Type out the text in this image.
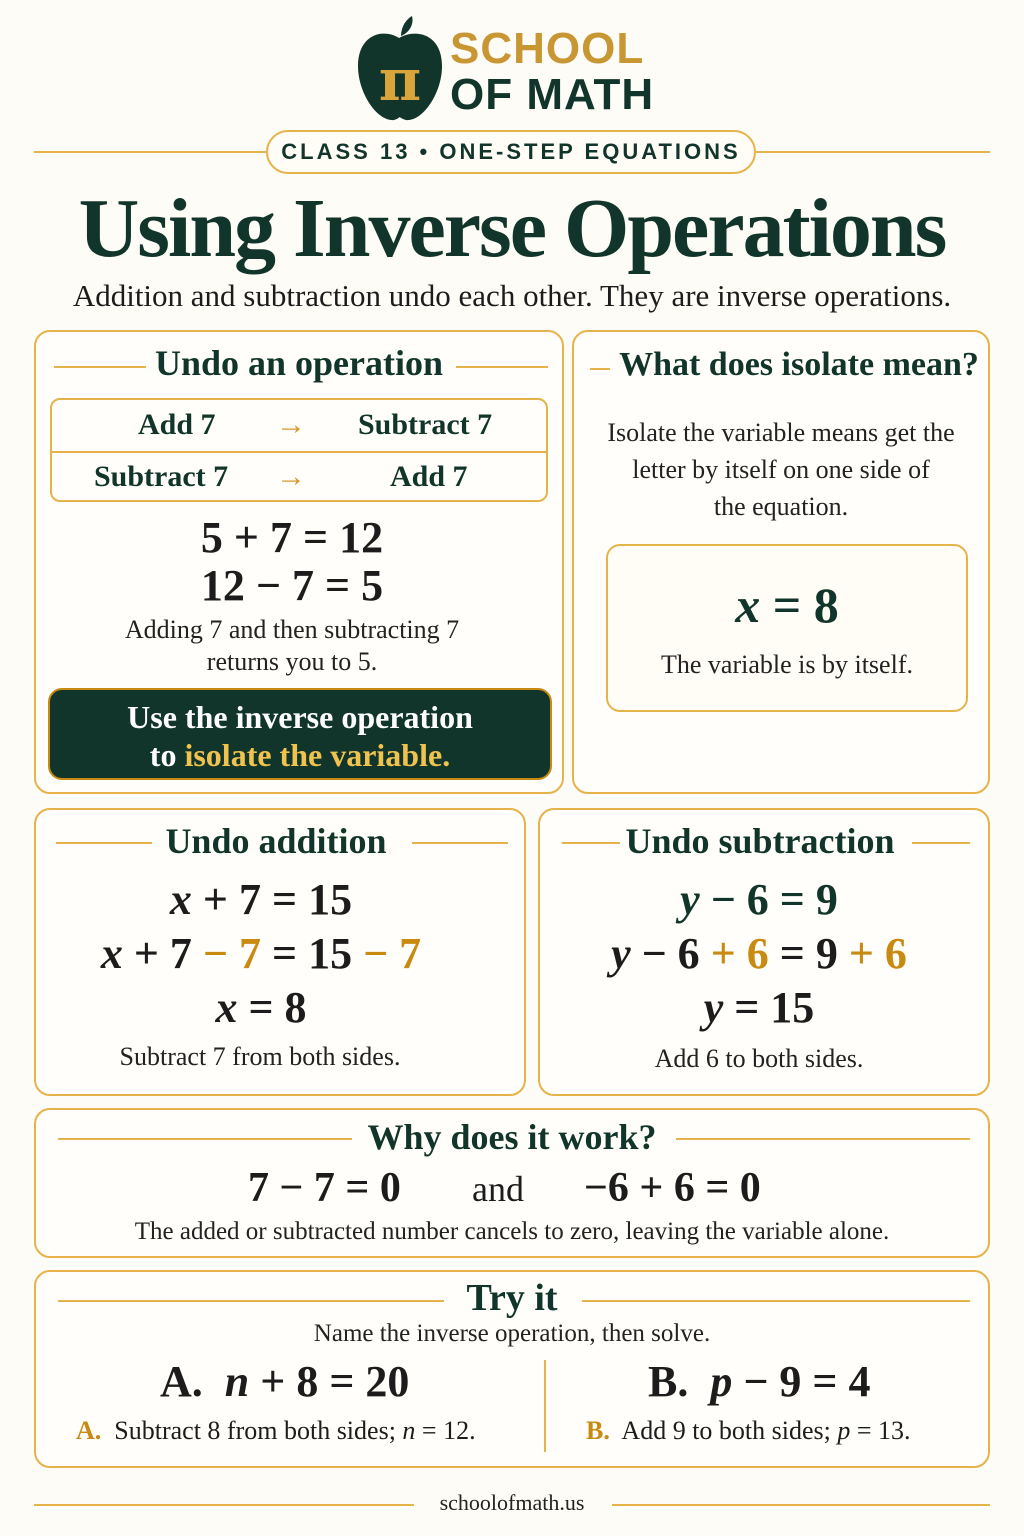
π SCHOOL
OF MATH
CLASS 13 • ONE-STEP EQUATIONS
Using Inverse Operations
Addition and subtraction undo each other. They are inverse operations.
Undo an operation
Add 7 → Subtract 7
Subtract 7 →	Add 7
5 + 7 = 12
12 − 7 = 5
Adding 7 and then subtracting 7
returns you to 5.
Use the inverse operation
to isolate the variable.
What does isolate mean?
Isolate the variable means get the
letter by itself on one side of
the equation.
x = 8
The variable is by itself.
Undo addition
x + 7 = 15
x + 7 − 7 = 15 − 7
x = 8
Subtract 7 from both sides.
Undo subtraction
y − 6 = 9
y − 6 + 6 = 9 + 6
y = 15
Add 6 to both sides.
Why does it work?
7 − 7 = 0 and −6 + 6 = 0
The added or subtracted number cancels to zero, leaving the variable alone.
Try it
Name the inverse operation, then solve.
A. n + 8 = 20	B. p − 9 = 4
A. Subtract 8 from both sides; n = 12.	B. Add 9 to both sides; p = 13.
schoolofmath.us
